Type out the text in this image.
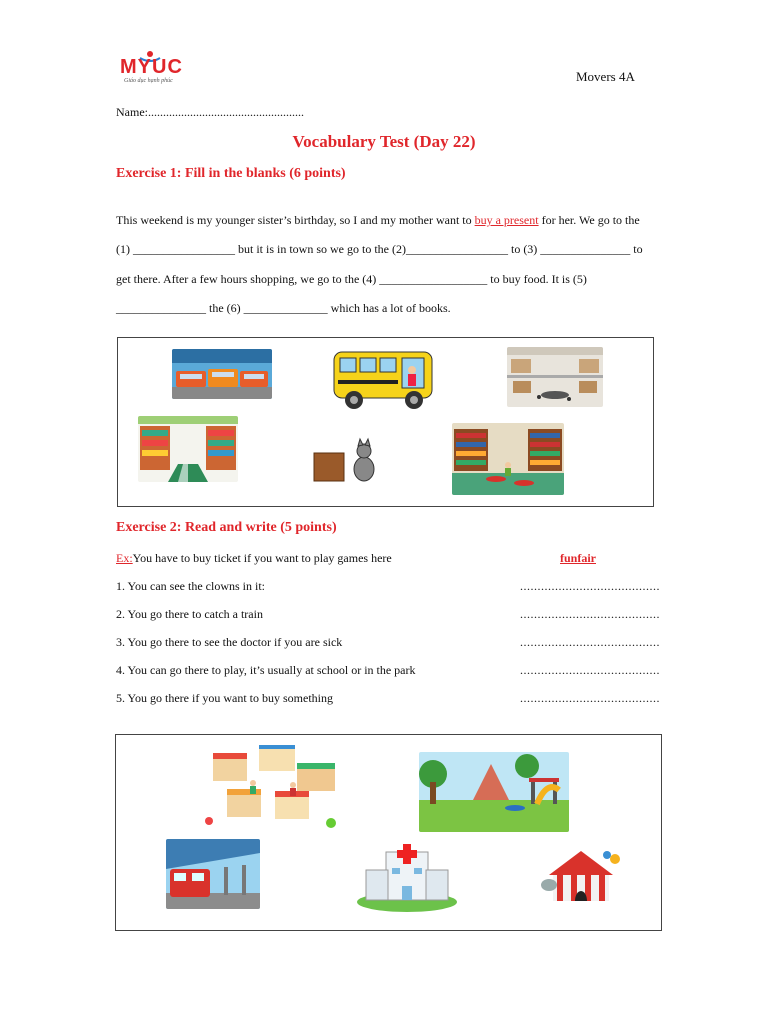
MYUC
Giáo dục hạnh phúc	Movers 4A
Name:....................................................
Vocabulary Test (Day 22)
Exercise 1: Fill in the blanks (6 points)
This weekend is my younger sister’s birthday, so I and my mother want to buy a present for her. We go to the (1) _________________ but it is in town so we go to the (2)_________________ to (3) _______________ to get there. After a few hours shopping, we go to the (4) __________________ to buy food. It is (5) _______________ the (6) ______________ which has a lot of books.
Exercise 2: Read and write (5 points)
Ex:You have to buy ticket if you want to play games here	funfair
1. You can see the clowns in it:	........................................
2. You go there to catch a train	........................................
3. You go there to see the doctor if you are sick	........................................
4. You can go there to play, it’s usually at school or in the park	........................................
5. You go there if you want to buy something	........................................
